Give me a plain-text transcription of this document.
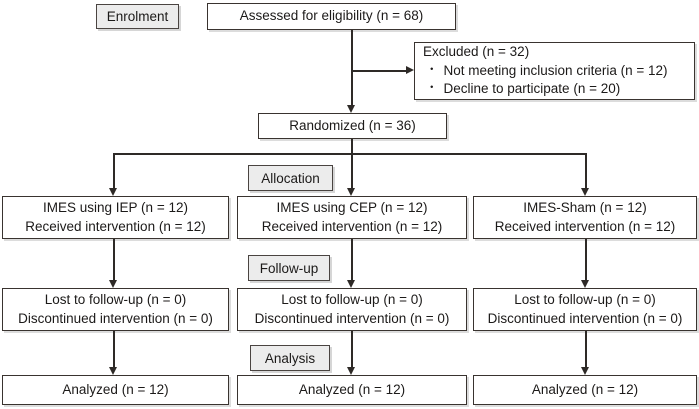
Enrolment
Allocation
Follow-up
Analysis
Assessed for eligibility (n = 68)
Excluded (n = 32)
・ Not meeting inclusion criteria (n = 12)
・ Decline to participate (n = 20)
Randomized (n = 36)
IMES using IEP (n = 12)
Received intervention (n = 12)
IMES using CEP (n = 12)
Received intervention (n = 12)
IMES-Sham (n = 12)
Received intervention (n = 12)
Lost to follow-up (n = 0)
Discontinued intervention (n = 0)
Lost to follow-up (n = 0)
Discontinued intervention (n = 0)
Lost to follow-up (n = 0)
Discontinued intervention (n = 0)
Analyzed (n = 12)	Analyzed (n = 12)	Analyzed (n = 12)
